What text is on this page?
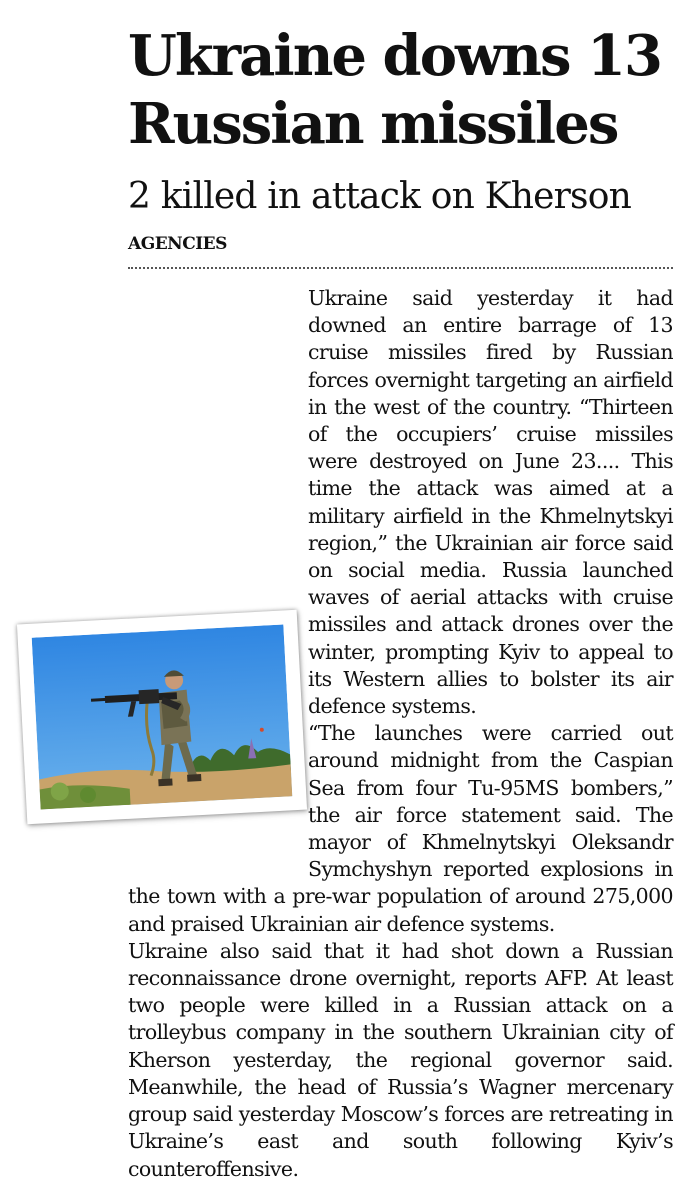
Ukraine downs 13
Russian missiles
2 killed in attack on Kherson
AGENCIES

Ukraine said yesterday it had downed an entire barrage of 13 cruise missiles fired by Russian forces overnight targeting an airfield in the west of the country. “Thirteen of the occupiers’ cruise missiles were destroyed on June 23.... This time the attack was aimed at a military airfield in the Khmelnytskyi region,” the Ukrainian air force said on social media. Russia launched waves of aerial attacks with cruise missiles and attack drones over the winter, prompting Kyiv to appeal to its Western allies to bolster its air defence systems.

“The launches were carried out around midnight from the Caspian Sea from four Tu-95MS bombers,” the air force statement said. The mayor of Khmelnytskyi Oleksandr Symchyshyn reported explosions in the town with a pre-war population of around 275,000 and praised Ukrainian air defence systems.

Ukraine also said that it had shot down a Russian reconnaissance drone overnight, reports AFP. At least two people were killed in a Russian attack on a trolleybus company in the southern Ukrainian city of Kherson yesterday, the regional governor said. Meanwhile, the head of Russia’s Wagner mercenary group said yesterday Moscow’s forces are retreating in Ukraine’s east and south following Kyiv’s counteroffensive.
